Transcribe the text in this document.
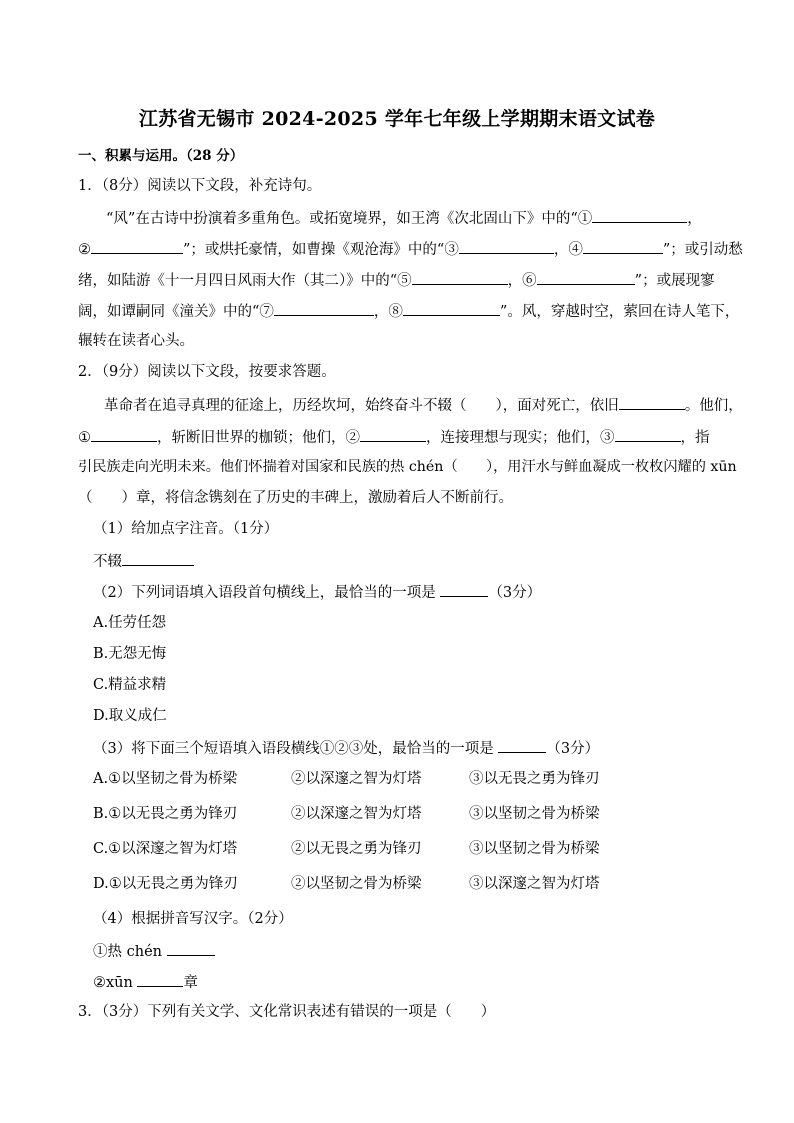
江苏省无锡市 2024-2025 学年七年级上学期期末语文试卷
一、积累与运用。（28 分）
1．（8分）阅读以下文段，补充诗句。
“风”在古诗中扮演着多重角色。或拓宽境界，如王湾《次北固山下》中的“①	，
②	”；或烘托豪情，如曹操《观沧海》中的“③	，④	”；或引动愁
绪，如陆游《十一月四日风雨大作（其二）》中的“⑤	，⑥	”；或展现寥
阔，如谭嗣同《潼关》中的“⑦	，⑧	”。风，穿越时空，萦回在诗人笔下，
辗转在读者心头。
2．（9分）阅读以下文段，按要求答题。
革命者在追寻真理的征途上，历经坎坷，始终奋斗不辍（　　），面对死亡，依旧	。他们，
①	，斩断旧世界的枷锁；他们，②	，连接理想与现实；他们，③	，指
引民族走向光明未来。他们怀揣着对国家和民族的热 chén（　　），用汗水与鲜血凝成一枚枚闪耀的 xūn
（　　）章，将信念镌刻在了历史的丰碑上，激励着后人不断前行。
（1）给加点字注音。（1分）
不辍
（2）下列词语填入语段首句横线上，最恰当的一项是	（3分）
A.任劳任怨
B.无怨无悔
C.精益求精
D.取义成仁
（3）将下面三个短语填入语段横线①②③处，最恰当的一项是	（3分）
A.①以坚韧之骨为桥梁	②以深邃之智为灯塔	③以无畏之勇为锋刃
B.①以无畏之勇为锋刃	②以深邃之智为灯塔	③以坚韧之骨为桥梁
C.①以深邃之智为灯塔	②以无畏之勇为锋刃	③以坚韧之骨为桥梁
D.①以无畏之勇为锋刃	②以坚韧之骨为桥梁	③以深邃之智为灯塔
（4）根据拼音写汉字。（2分）
①热 chén
②xūn	章
3．（3分）下列有关文学、文化常识表述有错误的一项是（　　）
